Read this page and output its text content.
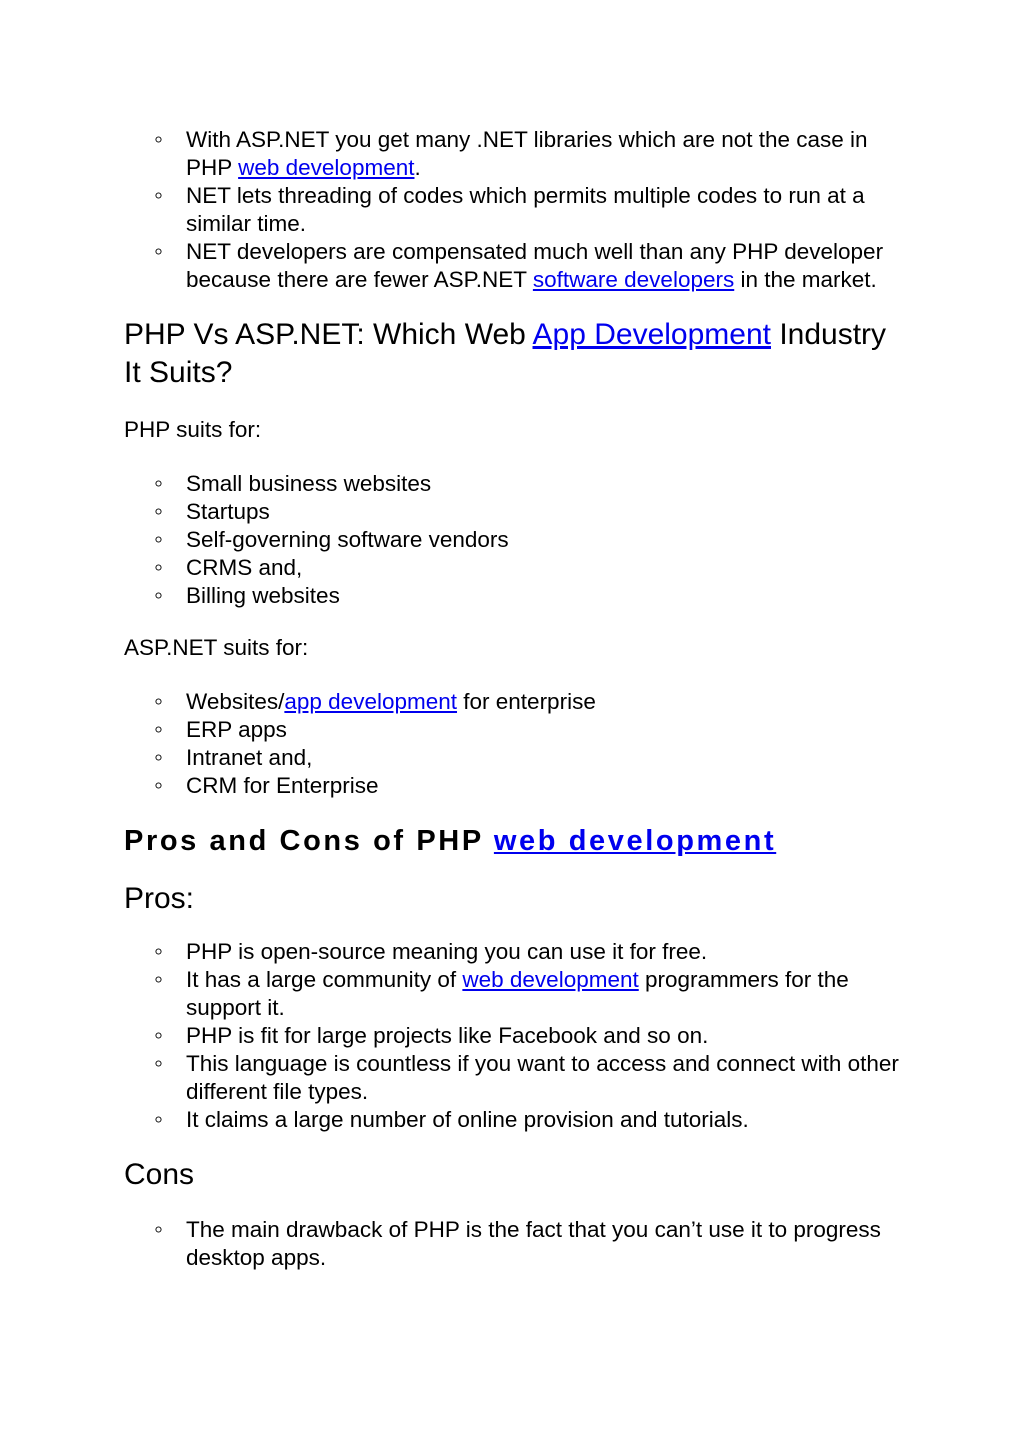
With ASP.NET you get many .NET libraries which are not the case in PHP web development.
NET lets threading of codes which permits multiple codes to run at a similar time.
NET developers are compensated much well than any PHP developer because there are fewer ASP.NET software developers in the market.
PHP Vs ASP.NET: Which Web App Development Industry It Suits?

PHP suits for:

Small business websites
Startups
Self-governing software vendors
CRMS and,
Billing websites

ASP.NET suits for:

Websites/app development for enterprise
ERP apps
Intranet and,
CRM for Enterprise
Pros and Cons of PHP web development
Pros:
PHP is open-source meaning you can use it for free.
It has a large community of web development programmers for the support it.
PHP is fit for large projects like Facebook and so on.
This language is countless if you want to access and connect with other different file types.
It claims a large number of online provision and tutorials.
Cons
The main drawback of PHP is the fact that you can’t use it to progress desktop apps.
